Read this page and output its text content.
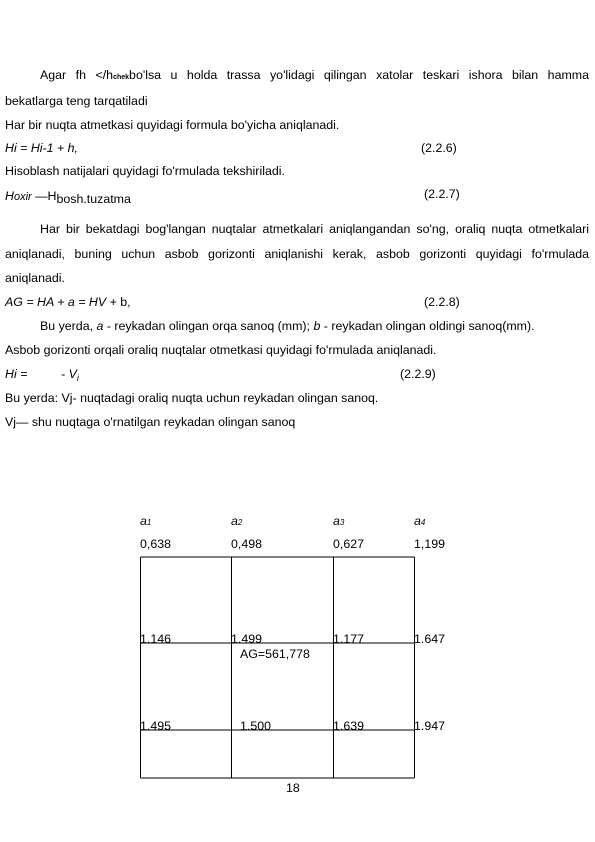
Agar fh </hchekbo'lsa u holda trassa yo'lidagi qilingan xatolar teskari ishora bilan hamma
bekatlarga teng tarqatiladi
Har bir nuqta atmetkasi quyidagi formula bo'yicha aniqlanadi.
Hi = Hi-1 + h,	(2.2.6)
Hisoblash natijalari quyidagi fo'rmulada tekshiriladi.
Hoxir —Hbosh.tuzatma	(2.2.7)
Har bir bekatdagi bog'langan nuqtalar atmetkalari aniqlangandan so'ng, oraliq nuqta otmetkalari
aniqlanadi, buning uchun asbob gorizonti aniqlanishi kerak, asbob gorizonti quyidagi fo'rmulada
aniqlanadi.
AG = HA + a = HV + b,	(2.2.8)
Bu yerda, a - reykadan olingan orqa sanoq (mm); b - reykadan olingan oldingi sanoq(mm).
Asbob gorizonti orqali oraliq nuqtalar otmetkasi quyidagi fo'rmulada aniqlanadi.
Hi =	- $V_i$	(2.2.9)
Bu yerda: Vj- nuqtadagi oraliq nuqta uchun reykadan olingan sanoq.
Vj— shu nuqtaga o'rnatilgan reykadan olingan sanoq
a1	a2	a3	a4
0,638	0,498	0,627	1,199
1.146	1.499	1.177	1.647
AG=561,778
1.495	1.500	1.639	1.947
18
